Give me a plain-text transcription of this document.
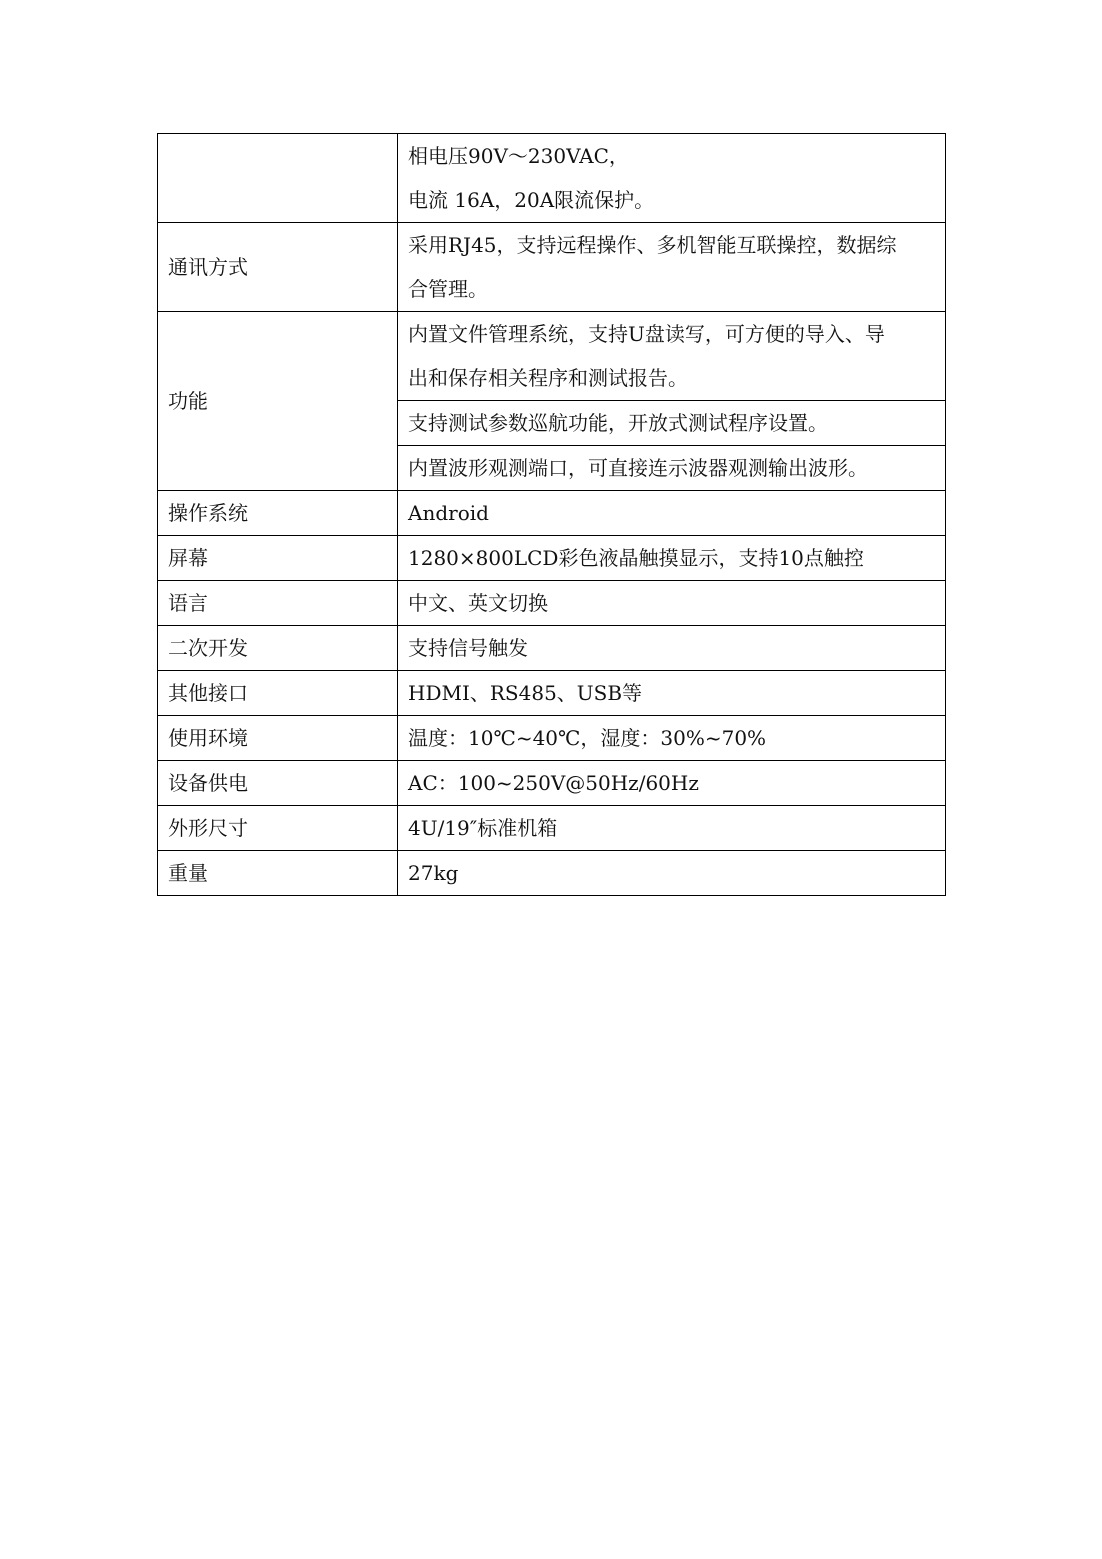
	相电压90V～230VAC，
电流 16A，20A限流保护。
通讯方式	采用RJ45，支持远程操作、多机智能互联操控，数据综
合管理。
功能	内置文件管理系统，支持U盘读写，可方便的导入、导
出和保存相关程序和测试报告。
支持测试参数巡航功能，开放式测试程序设置。
内置波形观测端口，可直接连示波器观测输出波形。

操作系统	Android
屏幕	1280×800LCD彩色液晶触摸显示，支持10点触控
语言	中文、英文切换
二次开发	支持信号触发
其他接口	HDMI、RS485、USB等
使用环境	温度：10℃~40℃，湿度：30%~70%
设备供电	AC：100~250V@50Hz/60Hz
外形尺寸	4U/19″标准机箱
重量	27kg
